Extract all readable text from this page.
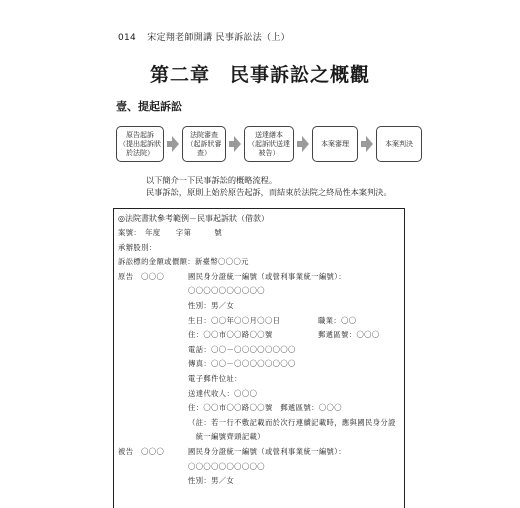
014 宋定翔老師開講 民事訴訟法（上）
第二章　民事訴訟之概觀
壹、提起訴訟
原告起訴
（提出起訴狀
於法院）
法院審查
（起訴狀審
查）
送達繕本
（起訴狀送達
被告）
本案審理	本案判決
以下簡介一下民事訴訟的概略流程。
民事訴訟，原則上始於原告起訴，而結束於法院之終局性本案判決。
◎法院書狀參考範例－民事起訴狀（借款）
案號：　年度　　字第　　　號
承辦股別：
訴訟標的金額或價額：新臺幣〇〇〇元
原告　〇〇〇	國民身分證統一編號（或營利事業統一編號）：
〇〇〇〇〇〇〇〇〇〇
性別：男／女
生日：〇〇年〇〇月〇〇日	職業：〇〇
住：〇〇市〇〇路〇〇號	郵遞區號：〇〇〇
電話：〇〇－〇〇〇〇〇〇〇〇
傳真：〇〇－〇〇〇〇〇〇〇〇
電子郵件位址：
送達代收人：〇〇〇
住：〇〇市〇〇路〇〇號　郵遞區號：〇〇〇
（註：若一行不敷記載而於次行連續記載時，應與國民身分證
　統一編號齊頭記載）
被告　〇〇〇	國民身分證統一編號（或營利事業統一編號）：
〇〇〇〇〇〇〇〇〇〇
性別：男／女
